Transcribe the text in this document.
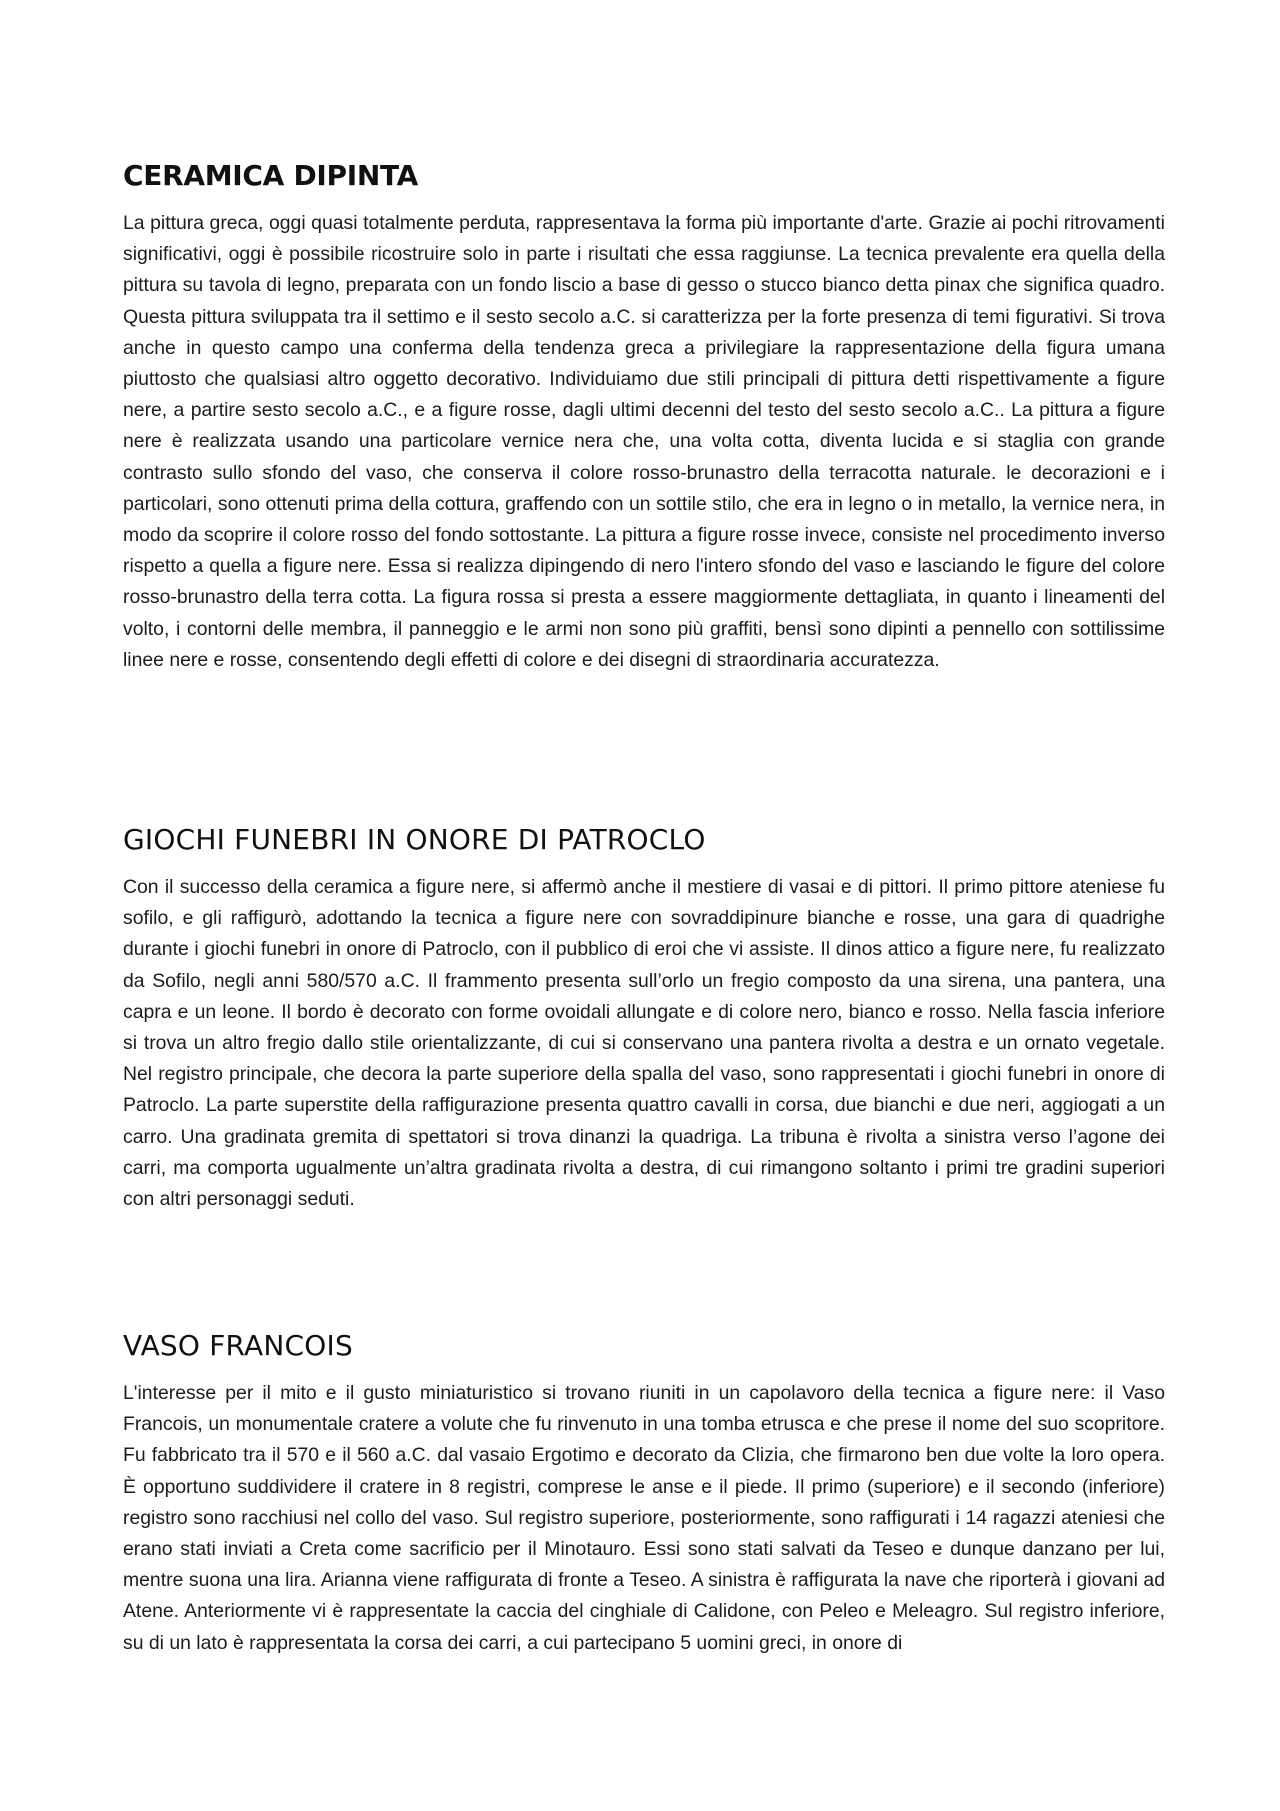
CERAMICA DIPINTA

La pittura greca, oggi quasi totalmente perduta, rappresentava la forma più importante d'arte. Grazie ai pochi ritrovamenti significativi, oggi è possibile ricostruire solo in parte i risultati che essa raggiunse. La tecnica prevalente era quella della pittura su tavola di legno, preparata con un fondo liscio a base di gesso o stucco bianco detta pinax che significa quadro. Questa pittura sviluppata tra il settimo e il sesto secolo a.C. si caratterizza per la forte presenza di temi figurativi. Si trova anche in questo campo una conferma della tendenza greca a privilegiare la rappresentazione della figura umana piuttosto che qualsiasi altro oggetto decorativo. Individuiamo due stili principali di pittura detti rispettivamente a figure nere, a partire sesto secolo a.C., e a figure rosse, dagli ultimi decenni del testo del sesto secolo a.C.. La pittura a figure nere è realizzata usando una particolare vernice nera che, una volta cotta, diventa lucida e si staglia con grande contrasto sullo sfondo del vaso, che conserva il colore rosso-brunastro della terracotta naturale. le decorazioni e i particolari, sono ottenuti prima della cottura, graffendo con un sottile stilo, che era in legno o in metallo, la vernice nera, in modo da scoprire il colore rosso del fondo sottostante. La pittura a figure rosse invece, consiste nel procedimento inverso rispetto a quella a figure nere. Essa si realizza dipingendo di nero l'intero sfondo del vaso e lasciando le figure del colore rosso-brunastro della terra cotta. La figura rossa si presta a essere maggiormente dettagliata, in quanto i lineamenti del volto, i contorni delle membra, il panneggio e le armi non sono più graffiti, bensì sono dipinti a pennello con sottilissime linee nere e rosse, consentendo degli effetti di colore e dei disegni di straordinaria accuratezza.

GIOCHI FUNEBRI IN ONORE DI PATROCLO

Con il successo della ceramica a figure nere, si affermò anche il mestiere di vasai e di pittori. Il primo pittore ateniese fu sofilo, e gli raffigurò, adottando la tecnica a figure nere con sovraddipinure bianche e rosse, una gara di quadrighe durante i giochi funebri in onore di Patroclo, con il pubblico di eroi che vi assiste. Il dinos attico a figure nere, fu realizzato da Sofilo, negli anni 580/570 a.C. Il frammento presenta sull’orlo un fregio composto da una sirena, una pantera, una capra e un leone. Il bordo è decorato con forme ovoidali allungate e di colore nero, bianco e rosso. Nella fascia inferiore si trova un altro fregio dallo stile orientalizzante, di cui si conservano una pantera rivolta a destra e un ornato vegetale. Nel registro principale, che decora la parte superiore della spalla del vaso, sono rappresentati i giochi funebri in onore di Patroclo. La parte superstite della raffigurazione presenta quattro cavalli in corsa, due bianchi e due neri, aggiogati a un carro. Una gradinata gremita di spettatori si trova dinanzi la quadriga. La tribuna è rivolta a sinistra verso l’agone dei carri, ma comporta ugualmente un’altra gradinata rivolta a destra, di cui rimangono soltanto i primi tre gradini superiori con altri personaggi seduti.

VASO FRANCOIS

L'interesse per il mito e il gusto miniaturistico si trovano riuniti in un capolavoro della tecnica a figure nere: il Vaso Francois, un monumentale cratere a volute che fu rinvenuto in una tomba etrusca e che prese il nome del suo scopritore. Fu fabbricato tra il 570 e il 560 a.C. dal vasaio Ergotimo e decorato da Clizia, che firmarono ben due volte la loro opera. È opportuno suddividere il cratere in 8 registri, comprese le anse e il piede. Il primo (superiore) e il secondo (inferiore) registro sono racchiusi nel collo del vaso. Sul registro superiore, posteriormente, sono raffigurati i 14 ragazzi ateniesi che erano stati inviati a Creta come sacrificio per il Minotauro. Essi sono stati salvati da Teseo e dunque danzano per lui, mentre suona una lira. Arianna viene raffigurata di fronte a Teseo. A sinistra è raffigurata la nave che riporterà i giovani ad Atene. Anteriormente vi è rappresentate la caccia del cinghiale di Calidone, con Peleo e Meleagro. Sul registro inferiore, su di un lato è rappresentata la corsa dei carri, a cui partecipano 5 uomini greci, in onore di
